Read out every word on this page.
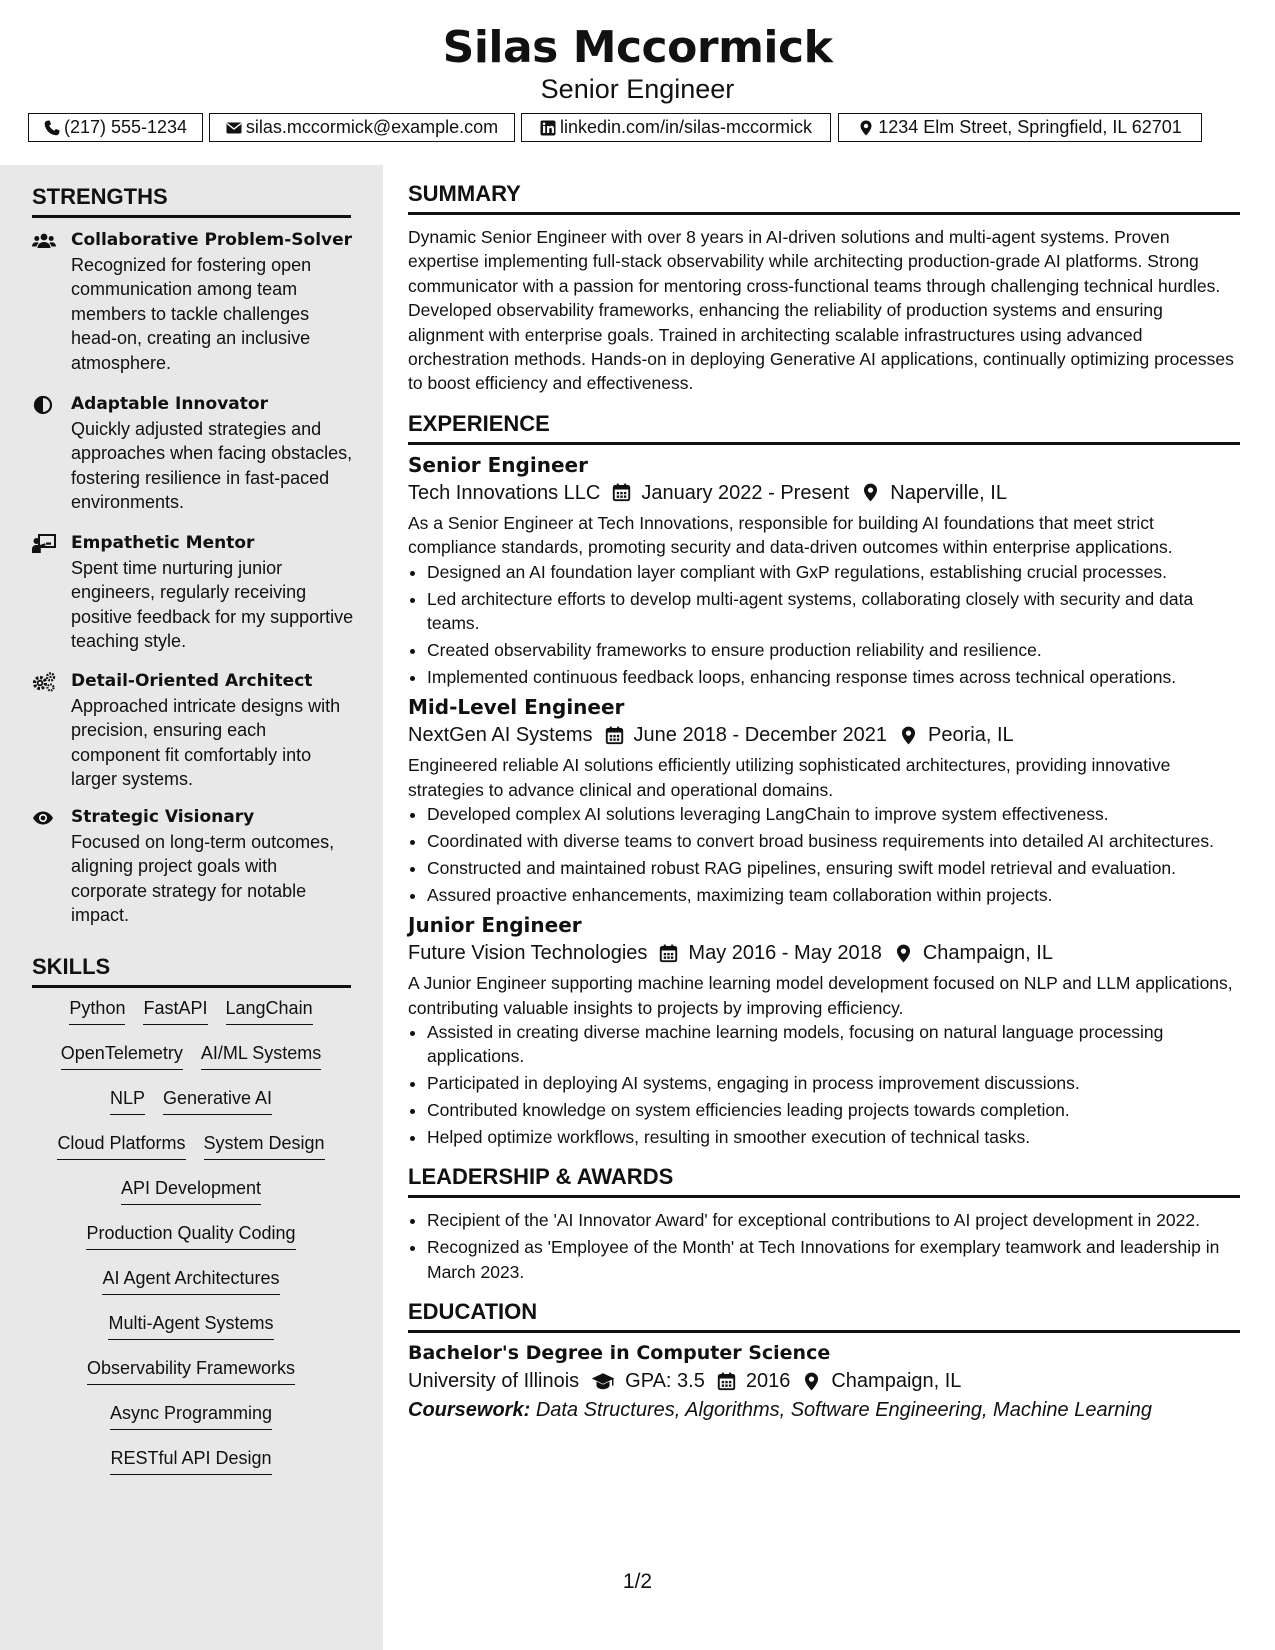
Silas Mccormick
Senior Engineer
(217) 555-1234	silas.mccormick@example.com	linkedin.com/in/silas-mccormick	1234 Elm Street, Springfield, IL 62701
STRENGTHS
Collaborative Problem-Solver
Recognized for fostering open communication among team members to tackle challenges head-on, creating an inclusive atmosphere.
Adaptable Innovator
Quickly adjusted strategies and approaches when facing obstacles, fostering resilience in fast-paced environments.
Empathetic Mentor
Spent time nurturing junior engineers, regularly receiving positive feedback for my supportive teaching style.
Detail-Oriented Architect
Approached intricate designs with precision, ensuring each component fit comfortably into larger systems.
Strategic Visionary
Focused on long-term outcomes, aligning project goals with corporate strategy for notable impact.
SKILLS
Python FastAPI LangChain
OpenTelemetry AI/ML Systems
NLP Generative AI
Cloud Platforms System Design
API Development
Production Quality Coding
AI Agent Architectures
Multi-Agent Systems
Observability Frameworks
Async Programming
RESTful API Design
SUMMARY
Dynamic Senior Engineer with over 8 years in AI-driven solutions and multi-agent systems. Proven expertise implementing full-stack observability while architecting production-grade AI platforms. Strong communicator with a passion for mentoring cross-functional teams through challenging technical hurdles. Developed observability frameworks, enhancing the reliability of production systems and ensuring alignment with enterprise goals. Trained in architecting scalable infrastructures using advanced orchestration methods. Hands-on in deploying Generative AI applications, continually optimizing processes to boost efficiency and effectiveness.
EXPERIENCE
Senior Engineer
Tech Innovations LLC January 2022 - Present Naperville, IL
As a Senior Engineer at Tech Innovations, responsible for building AI foundations that meet strict compliance standards, promoting security and data-driven outcomes within enterprise applications.
• Designed an AI foundation layer compliant with GxP regulations, establishing crucial processes.
• Led architecture efforts to develop multi-agent systems, collaborating closely with security and data teams.
• Created observability frameworks to ensure production reliability and resilience.
• Implemented continuous feedback loops, enhancing response times across technical operations.
Mid-Level Engineer
NextGen AI Systems June 2018 - December 2021 Peoria, IL
Engineered reliable AI solutions efficiently utilizing sophisticated architectures, providing innovative strategies to advance clinical and operational domains.
• Developed complex AI solutions leveraging LangChain to improve system effectiveness.
• Coordinated with diverse teams to convert broad business requirements into detailed AI architectures.
• Constructed and maintained robust RAG pipelines, ensuring swift model retrieval and evaluation.
• Assured proactive enhancements, maximizing team collaboration within projects.
Junior Engineer
Future Vision Technologies May 2016 - May 2018 Champaign, IL
A Junior Engineer supporting machine learning model development focused on NLP and LLM applications, contributing valuable insights to projects by improving efficiency.
• Assisted in creating diverse machine learning models, focusing on natural language processing applications.
• Participated in deploying AI systems, engaging in process improvement discussions.
• Contributed knowledge on system efficiencies leading projects towards completion.
• Helped optimize workflows, resulting in smoother execution of technical tasks.
LEADERSHIP & AWARDS
• Recipient of the 'AI Innovator Award' for exceptional contributions to AI project development in 2022.
• Recognized as 'Employee of the Month' at Tech Innovations for exemplary teamwork and leadership in March 2023.
EDUCATION
Bachelor's Degree in Computer Science
University of Illinois GPA: 3.5 2016 Champaign, IL
Coursework: Data Structures, Algorithms, Software Engineering, Machine Learning
1/2
